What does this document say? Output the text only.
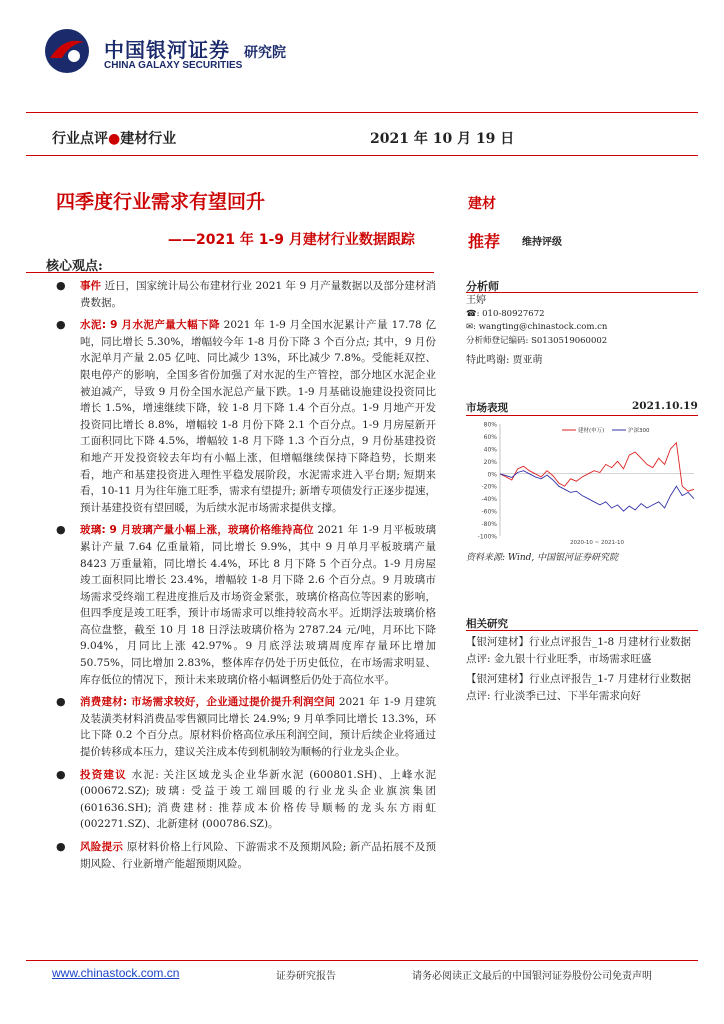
中国银河证券
CHINA GALAXY SECURITIES
研究院
行业点评●建材行业	2021 年 10 月 19 日
四季度行业需求有望回升
——2021 年 1-9 月建材行业数据跟踪
建材
推荐 维持评级
核心观点:
● 事件 近日，国家统计局公布建材行业 2021 年 9 月产量数据以及部分建材消费数据。
● 水泥: 9 月水泥产量大幅下降 2021 年 1-9 月全国水泥累计产量 17.78 亿吨，同比增长 5.30%，增幅较今年 1-8 月份下降 3 个百分点; 其中，9 月份水泥单月产量 2.05 亿吨、同比减少 13%，环比减少 7.8%。受能耗双控、限电停产的影响，全国多省份加强了对水泥的生产管控，部分地区水泥企业被迫减产，导致 9 月份全国水泥总产量下跌。1-9 月基础设施建设投资同比增长 1.5%，增速继续下降，较 1-8 月下降 1.4 个百分点。1-9 月地产开发投资同比增长 8.8%，增幅较 1-8 月份下降 2.1 个百分点。1-9 月房屋新开工面积同比下降 4.5%，增幅较 1-8 月下降 1.3 个百分点，9 月份基建投资和地产开发投资较去年均有小幅上涨，但增幅继续保持下降趋势，长期来看，地产和基建投资进入理性平稳发展阶段，水泥需求进入平台期; 短期来看，10-11 月为往年施工旺季，需求有望提升; 新增专项债发行正逐步提速，预计基建投资有望回暖，为后续水泥市场需求提供支撑。
● 玻璃: 9 月玻璃产量小幅上涨，玻璃价格维持高位 2021 年 1-9 月平板玻璃累计产量 7.64 亿重量箱，同比增长 9.9%，其中 9 月单月平板玻璃产量 8423 万重量箱，同比增长 4.4%，环比 8 月下降 5 个百分点。1-9 月房屋竣工面积同比增长 23.4%，增幅较 1-8 月下降 2.6 个百分点。9 月玻璃市场需求受终端工程进度推后及市场资金紧张，玻璃价格高位等因素的影响，但四季度是竣工旺季，预计市场需求可以维持较高水平。近期浮法玻璃价格高位盘整，截至 10 月 18 日浮法玻璃价格为 2787.24 元/吨，月环比下降 9.04%，月同比上涨 42.97%。9 月底浮法玻璃周度库存量环比增加 50.75%，同比增加 2.83%，整体库存仍处于历史低位，在市场需求明显、库存低位的情况下，预计未来玻璃价格小幅调整后仍处于高位水平。
● 消费建材: 市场需求较好，企业通过提价提升利润空间 2021 年 1-9 月建筑及装潢类材料消费品零售额同比增长 24.9%; 9 月单季同比增长 13.3%，环比下降 0.2 个百分点。原材料价格高位承压利润空间，预计后续企业将通过提价转移成本压力，建议关注成本传到机制较为顺畅的行业龙头企业。
● 投资建议 水泥: 关注区域龙头企业华新水泥 (600801.SH)、上峰水泥 (000672.SZ); 玻璃: 受益于竣工端回暖的行业龙头企业旗滨集团 (601636.SH); 消费建材: 推荐成本价格传导顺畅的龙头东方雨虹 (002271.SZ)、北新建材 (000786.SZ)。
● 风险提示 原材料价格上行风险、下游需求不及预期风险; 新产品拓展不及预期风险、行业新增产能超预期风险。
分析师
王婷
☎: 010-80927672
✉: wangting@chinastock.com.cn
分析师登记编码: S0130519060002
特此鸣谢: 贾亚萌
市场表现	2021.10.19
80%
60%
40%
20%
0%
-20%
-40%
-60%
-80%
-100%
建材(申万)	沪深300
2020-10 ~ 2021-10
资料来源: Wind, 中国银河证券研究院
相关研究
【银河建材】行业点评报告_1-8 月建材行业数据点评: 金九银十行业旺季，市场需求旺盛
【银河建材】行业点评报告_1-7 月建材行业数据点评: 行业淡季已过、下半年需求向好
www.chinastock.com.cn	证券研究报告	请务必阅读正文最后的中国银河证券股份公司免责声明
